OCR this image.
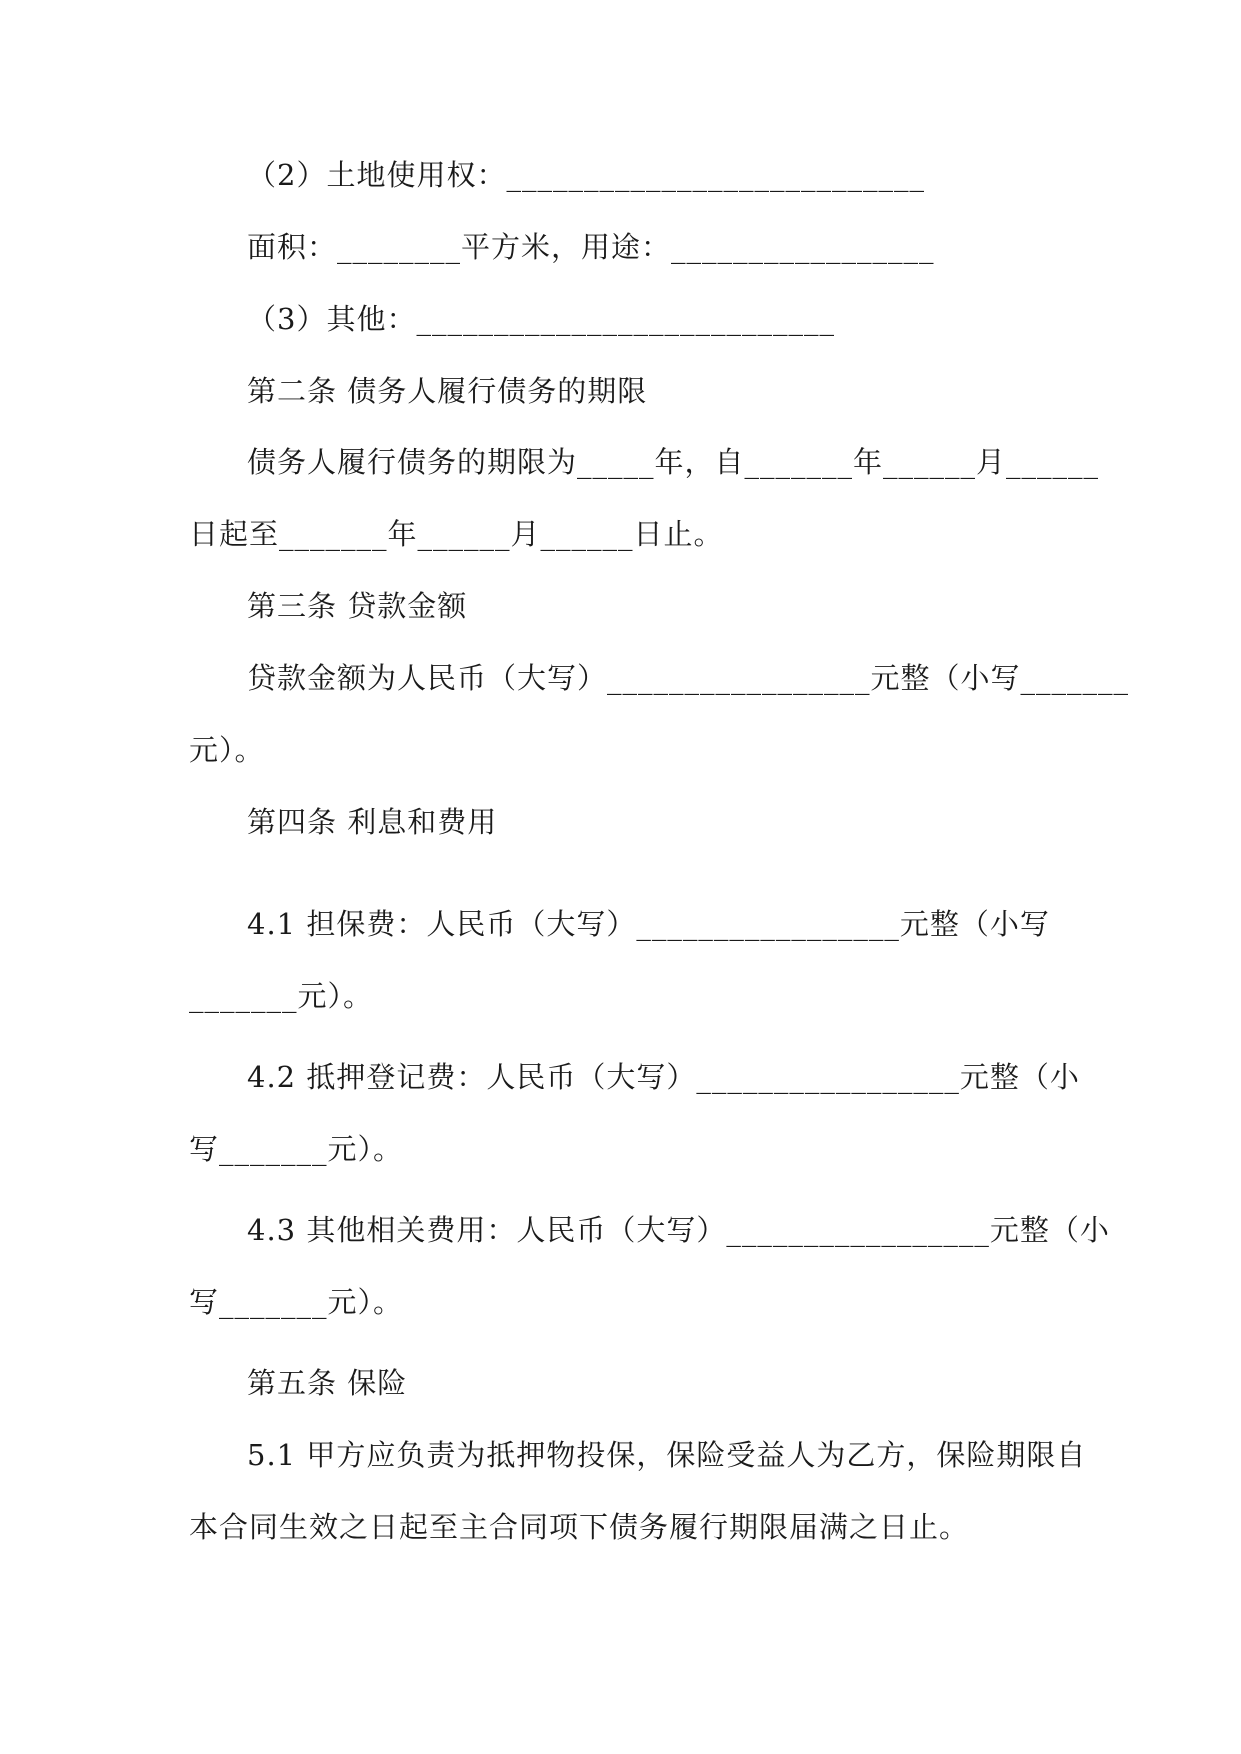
（2）土地使用权：___________________________
面积：________平方米，用途：_________________
（3）其他：___________________________
第二条 债务人履行债务的期限
债务人履行债务的期限为_____年，自_______年______月______
日起至_______年______月______日止。
第三条 贷款金额
贷款金额为人民币（大写）_________________元整（小写_______
元）。
第四条 利息和费用
4.1 担保费：人民币（大写）_________________元整（小写
_______元）。
4.2 抵押登记费：人民币（大写）_________________元整（小
写_______元）。
4.3 其他相关费用：人民币（大写）_________________元整（小
写_______元）。
第五条 保险
5.1 甲方应负责为抵押物投保，保险受益人为乙方，保险期限自
本合同生效之日起至主合同项下债务履行期限届满之日止。
